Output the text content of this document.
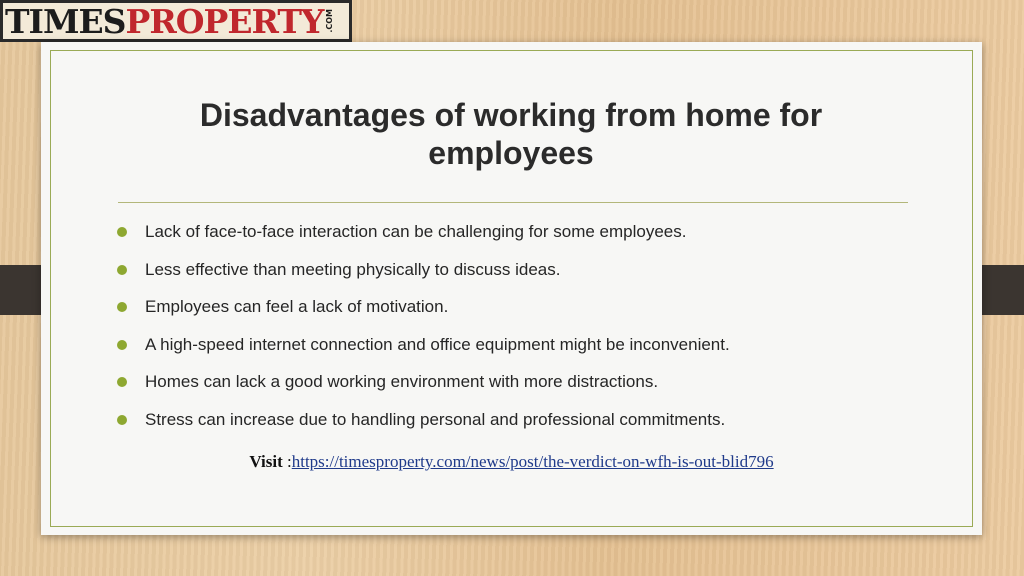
TIMESPROPERTY .COM
Disadvantages of working from home for employees
Lack of face-to-face interaction can be challenging for some employees.
Less effective than meeting physically to discuss ideas.
Employees can feel a lack of motivation.
A high-speed internet connection and office equipment might be inconvenient.
Homes can lack a good working environment with more distractions.
Stress can increase due to handling personal and professional commitments.
Visit :https://timesproperty.com/news/post/the-verdict-on-wfh-is-out-blid796
